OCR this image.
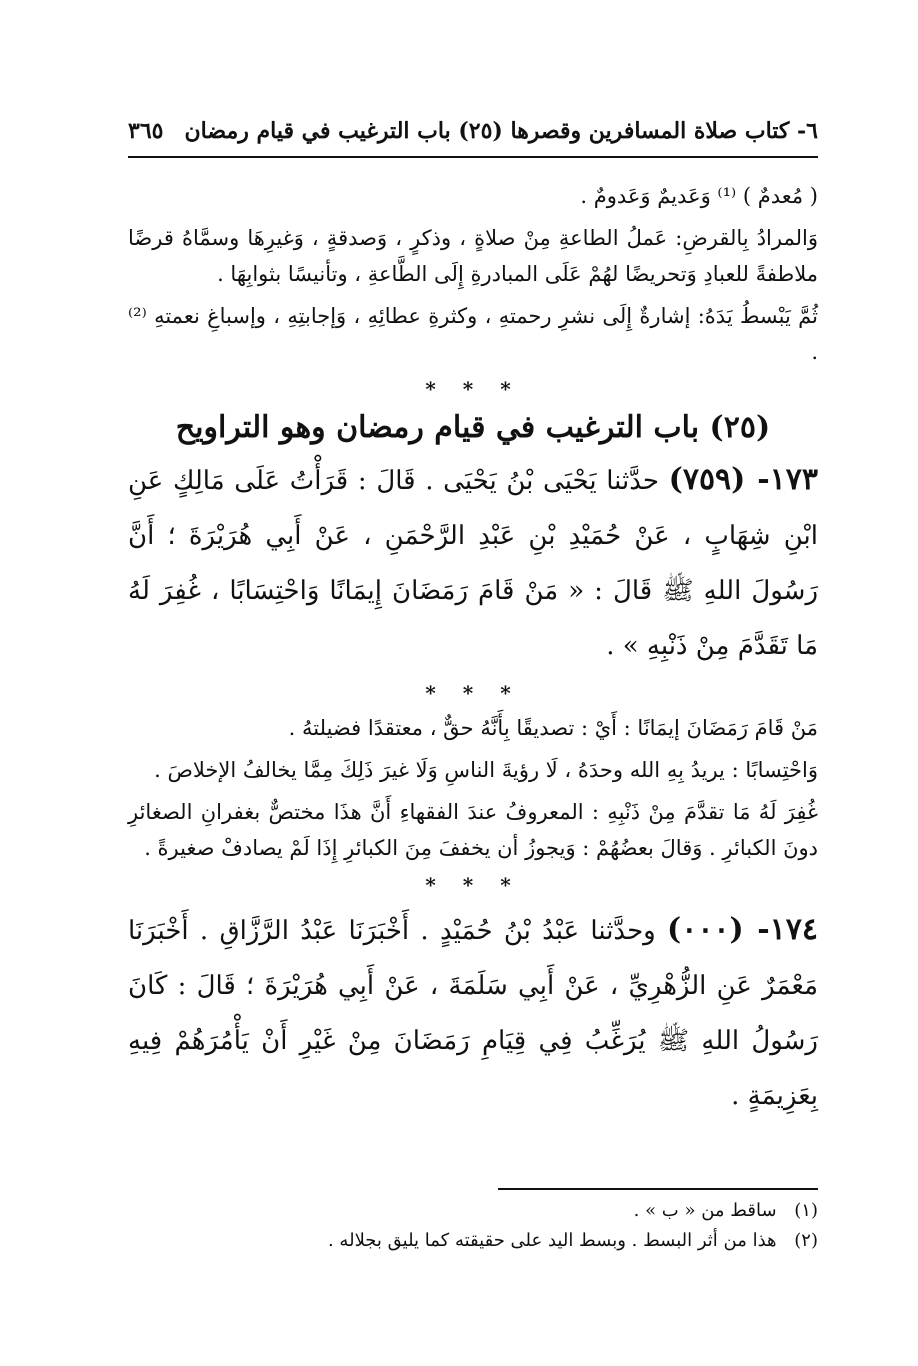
٦- كتاب صلاة المسافرين وقصرها (٢٥) باب الترغيب في قيام رمضان
٣٦٥

( مُعدمٌ ) ⁽¹⁾ وَعَديمٌ وَعَدومٌ .

وَالمرادُ بِالقرضِ: عَملُ الطاعةِ مِنْ صلاةٍ ، وذكرٍ ، وَصدقةٍ ، وَغيرِهَا وسمَّاهُ قرضًا ملاطفةً للعبادِ وَتحريضًا لهُمْ عَلَى المبادرةِ إِلَى الطَّاعةِ ، وتأنيسًا بثوابِهَا .

ثُمَّ يَبْسطُ يَدَهُ: إشارةٌ إِلَى نشرِ رحمتهِ ، وكثرةِ عطائِهِ ، وَإجابتِهِ ، وإسباغِ نعمتهِ ⁽²⁾ .

* * *
(٢٥) باب الترغيب في قيام رمضان وهو التراويح

١٧٣- (٧٥٩) حدَّثنا يَحْيَى بْنُ يَحْيَى . قَالَ : قَرَأْتُ عَلَى مَالِكٍ عَنِ ابْنِ شِهَابٍ ، عَنْ حُمَيْدِ بْنِ عَبْدِ الرَّحْمَنِ ، عَنْ أَبِي هُرَيْرَةَ ؛ أَنَّ رَسُولَ اللهِ ﷺ قَالَ : « مَنْ قَامَ رَمَضَانَ إِيمَانًا وَاحْتِسَابًا ، غُفِرَ لَهُ مَا تَقَدَّمَ مِنْ ذَنْبِهِ » .

* * *

مَنْ قَامَ رَمَضَانَ إيمَانًا : أَيْ : تصديقًا بِأَنَّهُ حقٌّ ، معتقدًا فضيلتهُ .

وَاحْتِسابًا : يريدُ بِهِ الله وحدَهُ ، لَا رؤيةَ الناسِ وَلَا غيرَ ذَلِكَ مِمَّا يخالفُ الإخلاصَ .

غُفِرَ لَهُ مَا تقدَّمَ مِنْ ذَنْبِهِ : المعروفُ عندَ الفقهاءِ أَنَّ هذَا مختصٌّ بغفرانِ الصغائرِ دونَ الكبائرِ . وَقالَ بعضُهُمْ : وَيجوزُ أن يخففَ مِنَ الكبائرِ إِذَا لَمْ يصادفْ صغيرةً .

* * *

١٧٤- (٠٠٠) وحدَّثنا عَبْدُ بْنُ حُمَيْدٍ . أَخْبَرَنَا عَبْدُ الرَّزَّاقِ . أَخْبَرَنَا مَعْمَرٌ عَنِ الزُّهْرِيِّ ، عَنْ أَبِي سَلَمَةَ ، عَنْ أَبِي هُرَيْرَةَ ؛ قَالَ : كَانَ رَسُولُ اللهِ ﷺ يُرَغِّبُ فِي قِيَامِ رَمَضَانَ مِنْ غَيْرِ أَنْ يَأْمُرَهُمْ فِيهِ بِعَزِيمَةٍ .

(١) ساقط من « ب » .

(٢) هذا من أثر البسط . وبسط اليد على حقيقته كما يليق بجلاله .
